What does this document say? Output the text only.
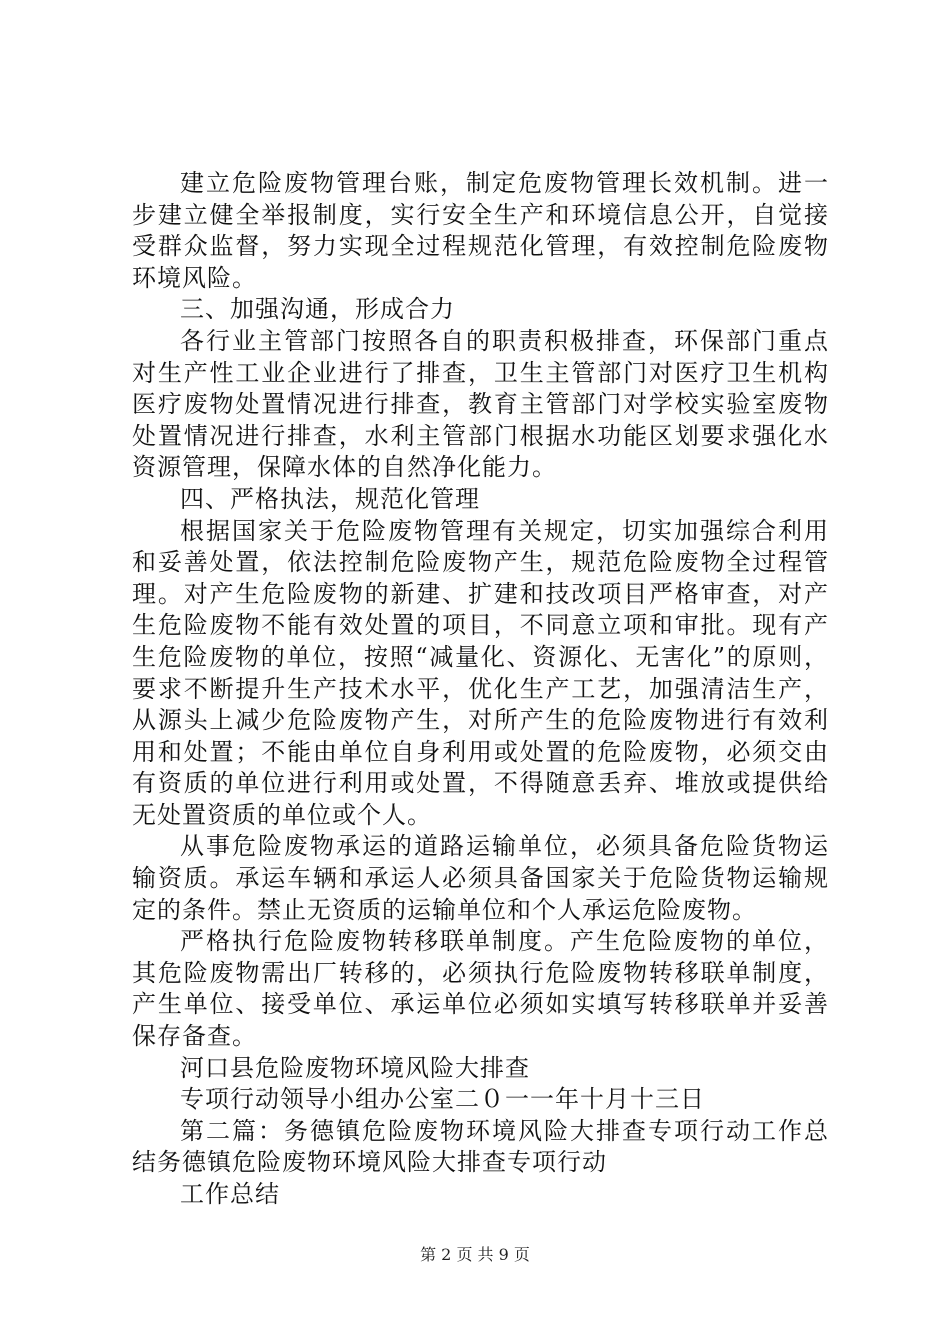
建立危险废物管理台账，制定危废物管理长效机制。进一
步建立健全举报制度，实行安全生产和环境信息公开，自觉接
受群众监督，努力实现全过程规范化管理，有效控制危险废物
环境风险。
三、加强沟通，形成合力
各行业主管部门按照各自的职责积极排查，环保部门重点
对生产性工业企业进行了排查，卫生主管部门对医疗卫生机构
医疗废物处置情况进行排查，教育主管部门对学校实验室废物
处置情况进行排查，水利主管部门根据水功能区划要求强化水
资源管理，保障水体的自然净化能力。
四、严格执法，规范化管理
根据国家关于危险废物管理有关规定，切实加强综合利用
和妥善处置，依法控制危险废物产生，规范危险废物全过程管
理。对产生危险废物的新建、扩建和技改项目严格审查，对产
生危险废物不能有效处置的项目，不同意立项和审批。现有产
生危险废物的单位，按照“减量化、资源化、无害化”的原则，
要求不断提升生产技术水平，优化生产工艺，加强清洁生产，
从源头上减少危险废物产生，对所产生的危险废物进行有效利
用和处置；不能由单位自身利用或处置的危险废物，必须交由
有资质的单位进行利用或处置，不得随意丢弃、堆放或提供给
无处置资质的单位或个人。
从事危险废物承运的道路运输单位，必须具备危险货物运
输资质。承运车辆和承运人必须具备国家关于危险货物运输规
定的条件。禁止无资质的运输单位和个人承运危险废物。
严格执行危险废物转移联单制度。产生危险废物的单位，
其危险废物需出厂转移的，必须执行危险废物转移联单制度，
产生单位、接受单位、承运单位必须如实填写转移联单并妥善
保存备查。
河口县危险废物环境风险大排查
专项行动领导小组办公室二０一一年十月十三日
第二篇：务德镇危险废物环境风险大排查专项行动工作总
结务德镇危险废物环境风险大排查专项行动
工作总结
第 2 页 共 9 页
